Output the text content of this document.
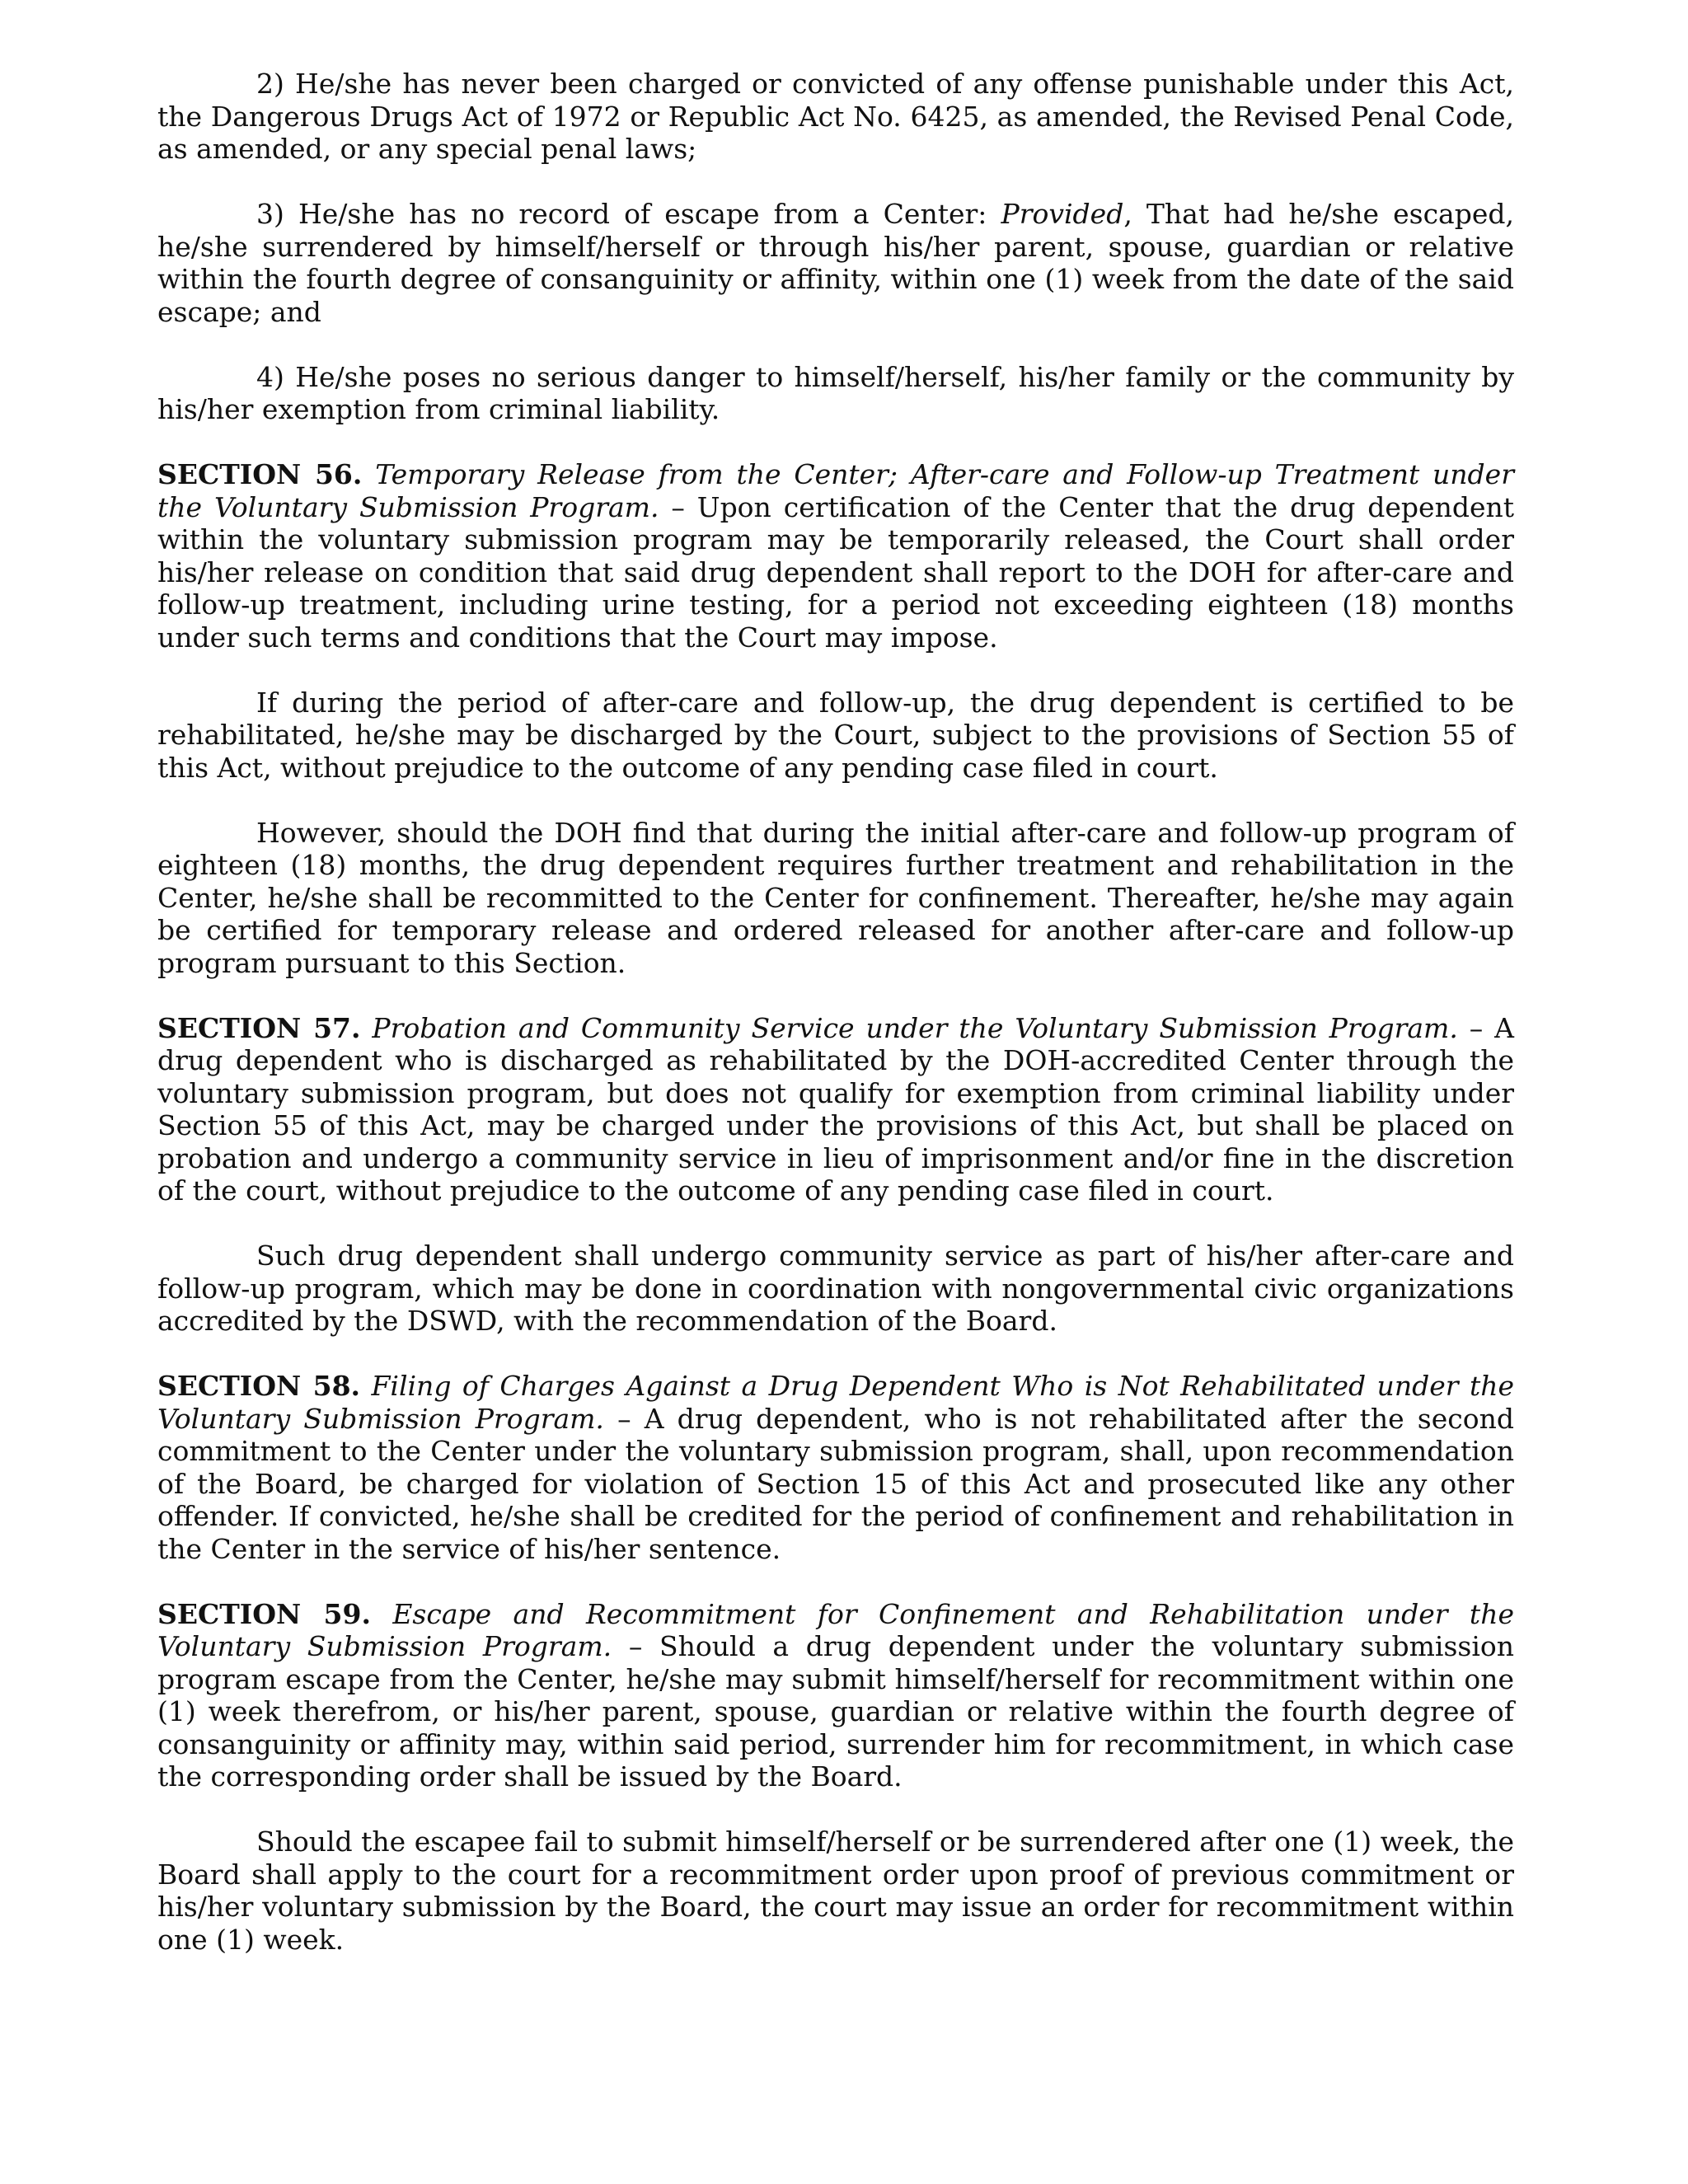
2) He/she has never been charged or convicted of any offense punishable under this Act, the Dangerous Drugs Act of 1972 or Republic Act No. 6425, as amended, the Revised Penal Code, as amended, or any special penal laws;

3) He/she has no record of escape from a Center: Provided, That had he/she escaped, he/she surrendered by himself/herself or through his/her parent, spouse, guardian or relative within the fourth degree of consanguinity or affinity, within one (1) week from the date of the said escape; and

4) He/she poses no serious danger to himself/herself, his/her family or the community by his/her exemption from criminal liability.

SECTION 56. Temporary Release from the Center; After-care and Follow-up Treatment under the Voluntary Submission Program. – Upon certification of the Center that the drug dependent within the voluntary submission program may be temporarily released, the Court shall order his/her release on condition that said drug dependent shall report to the DOH for after-care and follow-up treatment, including urine testing, for a period not exceeding eighteen (18) months under such terms and conditions that the Court may impose.

If during the period of after-care and follow-up, the drug dependent is certified to be rehabilitated, he/she may be discharged by the Court, subject to the provisions of Section 55 of this Act, without prejudice to the outcome of any pending case filed in court.

However, should the DOH find that during the initial after-care and follow-up program of eighteen (18) months, the drug dependent requires further treatment and rehabilitation in the Center, he/she shall be recommitted to the Center for confinement. Thereafter, he/she may again be certified for temporary release and ordered released for another after-care and follow-up program pursuant to this Section.

SECTION 57. Probation and Community Service under the Voluntary Submission Program. – A drug dependent who is discharged as rehabilitated by the DOH-accredited Center through the voluntary submission program, but does not qualify for exemption from criminal liability under Section 55 of this Act, may be charged under the provisions of this Act, but shall be placed on probation and undergo a community service in lieu of imprisonment and/or fine in the discretion of the court, without prejudice to the outcome of any pending case filed in court.

Such drug dependent shall undergo community service as part of his/her after-care and follow-up program, which may be done in coordination with nongovernmental civic organizations accredited by the DSWD, with the recommendation of the Board.

SECTION 58. Filing of Charges Against a Drug Dependent Who is Not Rehabilitated under the Voluntary Submission Program. – A drug dependent, who is not rehabilitated after the second commitment to the Center under the voluntary submission program, shall, upon recommendation of the Board, be charged for violation of Section 15 of this Act and prosecuted like any other offender. If convicted, he/she shall be credited for the period of confinement and rehabilitation in the Center in the service of his/her sentence.

SECTION 59. Escape and Recommitment for Confinement and Rehabilitation under the Voluntary Submission Program. – Should a drug dependent under the voluntary submission program escape from the Center, he/she may submit himself/herself for recommitment within one (1) week therefrom, or his/her parent, spouse, guardian or relative within the fourth degree of consanguinity or affinity may, within said period, surrender him for recommitment, in which case the corresponding order shall be issued by the Board.

Should the escapee fail to submit himself/herself or be surrendered after one (1) week, the Board shall apply to the court for a recommitment order upon proof of previous commitment or his/her voluntary submission by the Board, the court may issue an order for recommitment within one (1) week.
